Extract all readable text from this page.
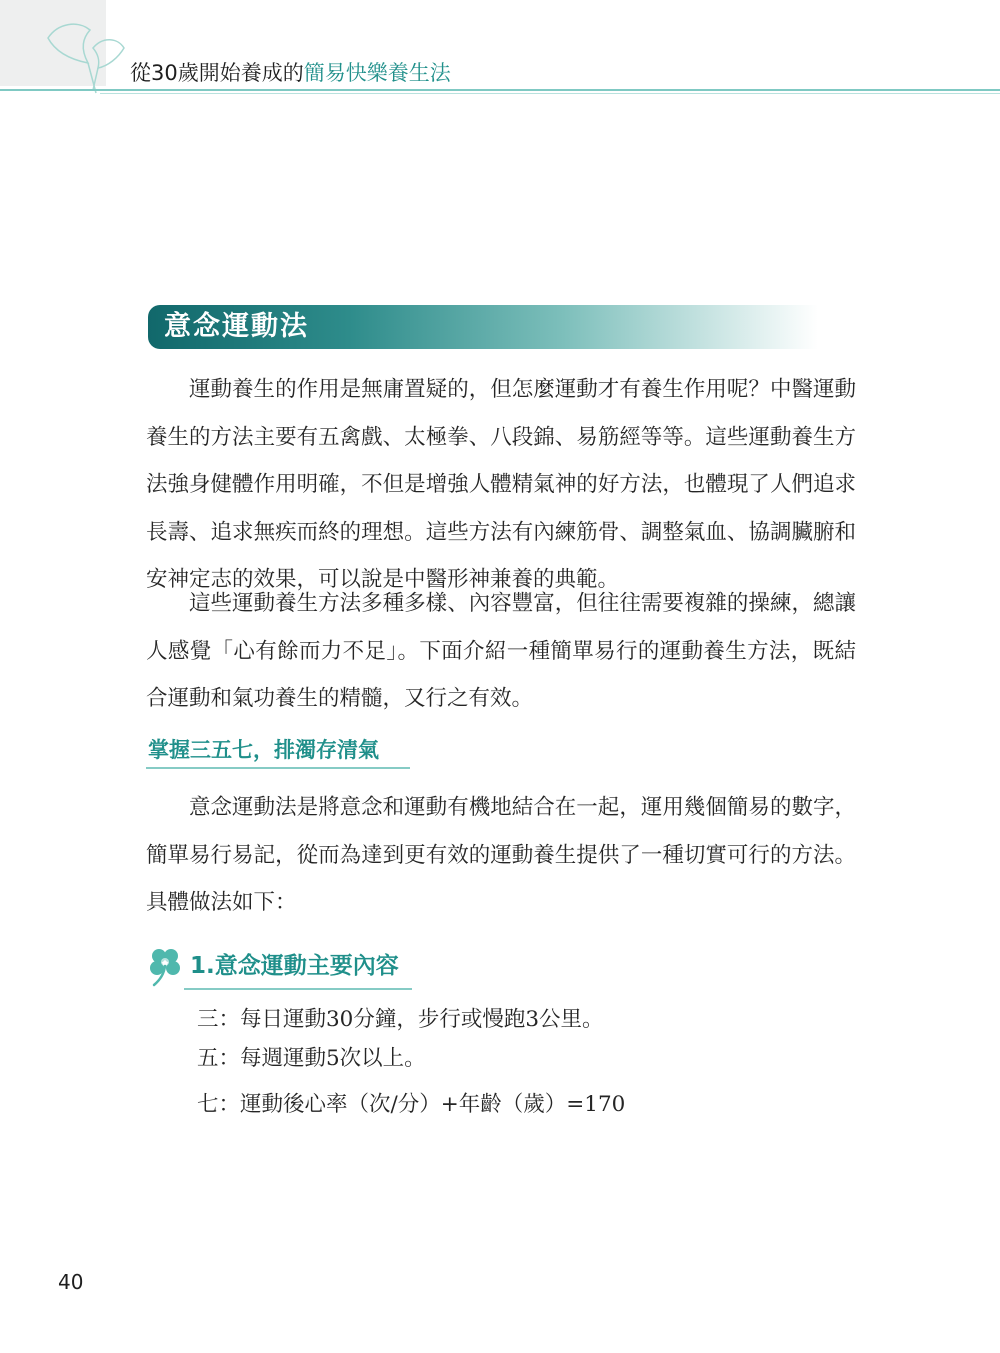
從30歲開始養成的簡易快樂養生法
意念運動法

運動養生的作用是無庸置疑的，但怎麼運動才有養生作用呢？中醫運動養生的方法主要有五禽戲、太極拳、八段錦、易筋經等等。這些運動養生方法強身健體作用明確，不但是增強人體精氣神的好方法，也體現了人們追求長壽、追求無疾而終的理想。這些方法有內練筋骨、調整氣血、協調臟腑和安神定志的效果，可以說是中醫形神兼養的典範。

這些運動養生方法多種多樣、內容豐富，但往往需要複雜的操練，總讓人感覺「心有餘而力不足」。下面介紹一種簡單易行的運動養生方法，既結合運動和氣功養生的精髓，又行之有效。

掌握三五七，排濁存清氣

意念運動法是將意念和運動有機地結合在一起，運用幾個簡易的數字，簡單易行易記，從而為達到更有效的運動養生提供了一種切實可行的方法。具體做法如下：

1.意念運動主要內容
三：每日運動30分鐘，步行或慢跑3公里。
五：每週運動5次以上。
七：運動後心率（次/分）+年齡（歲）=170
40
